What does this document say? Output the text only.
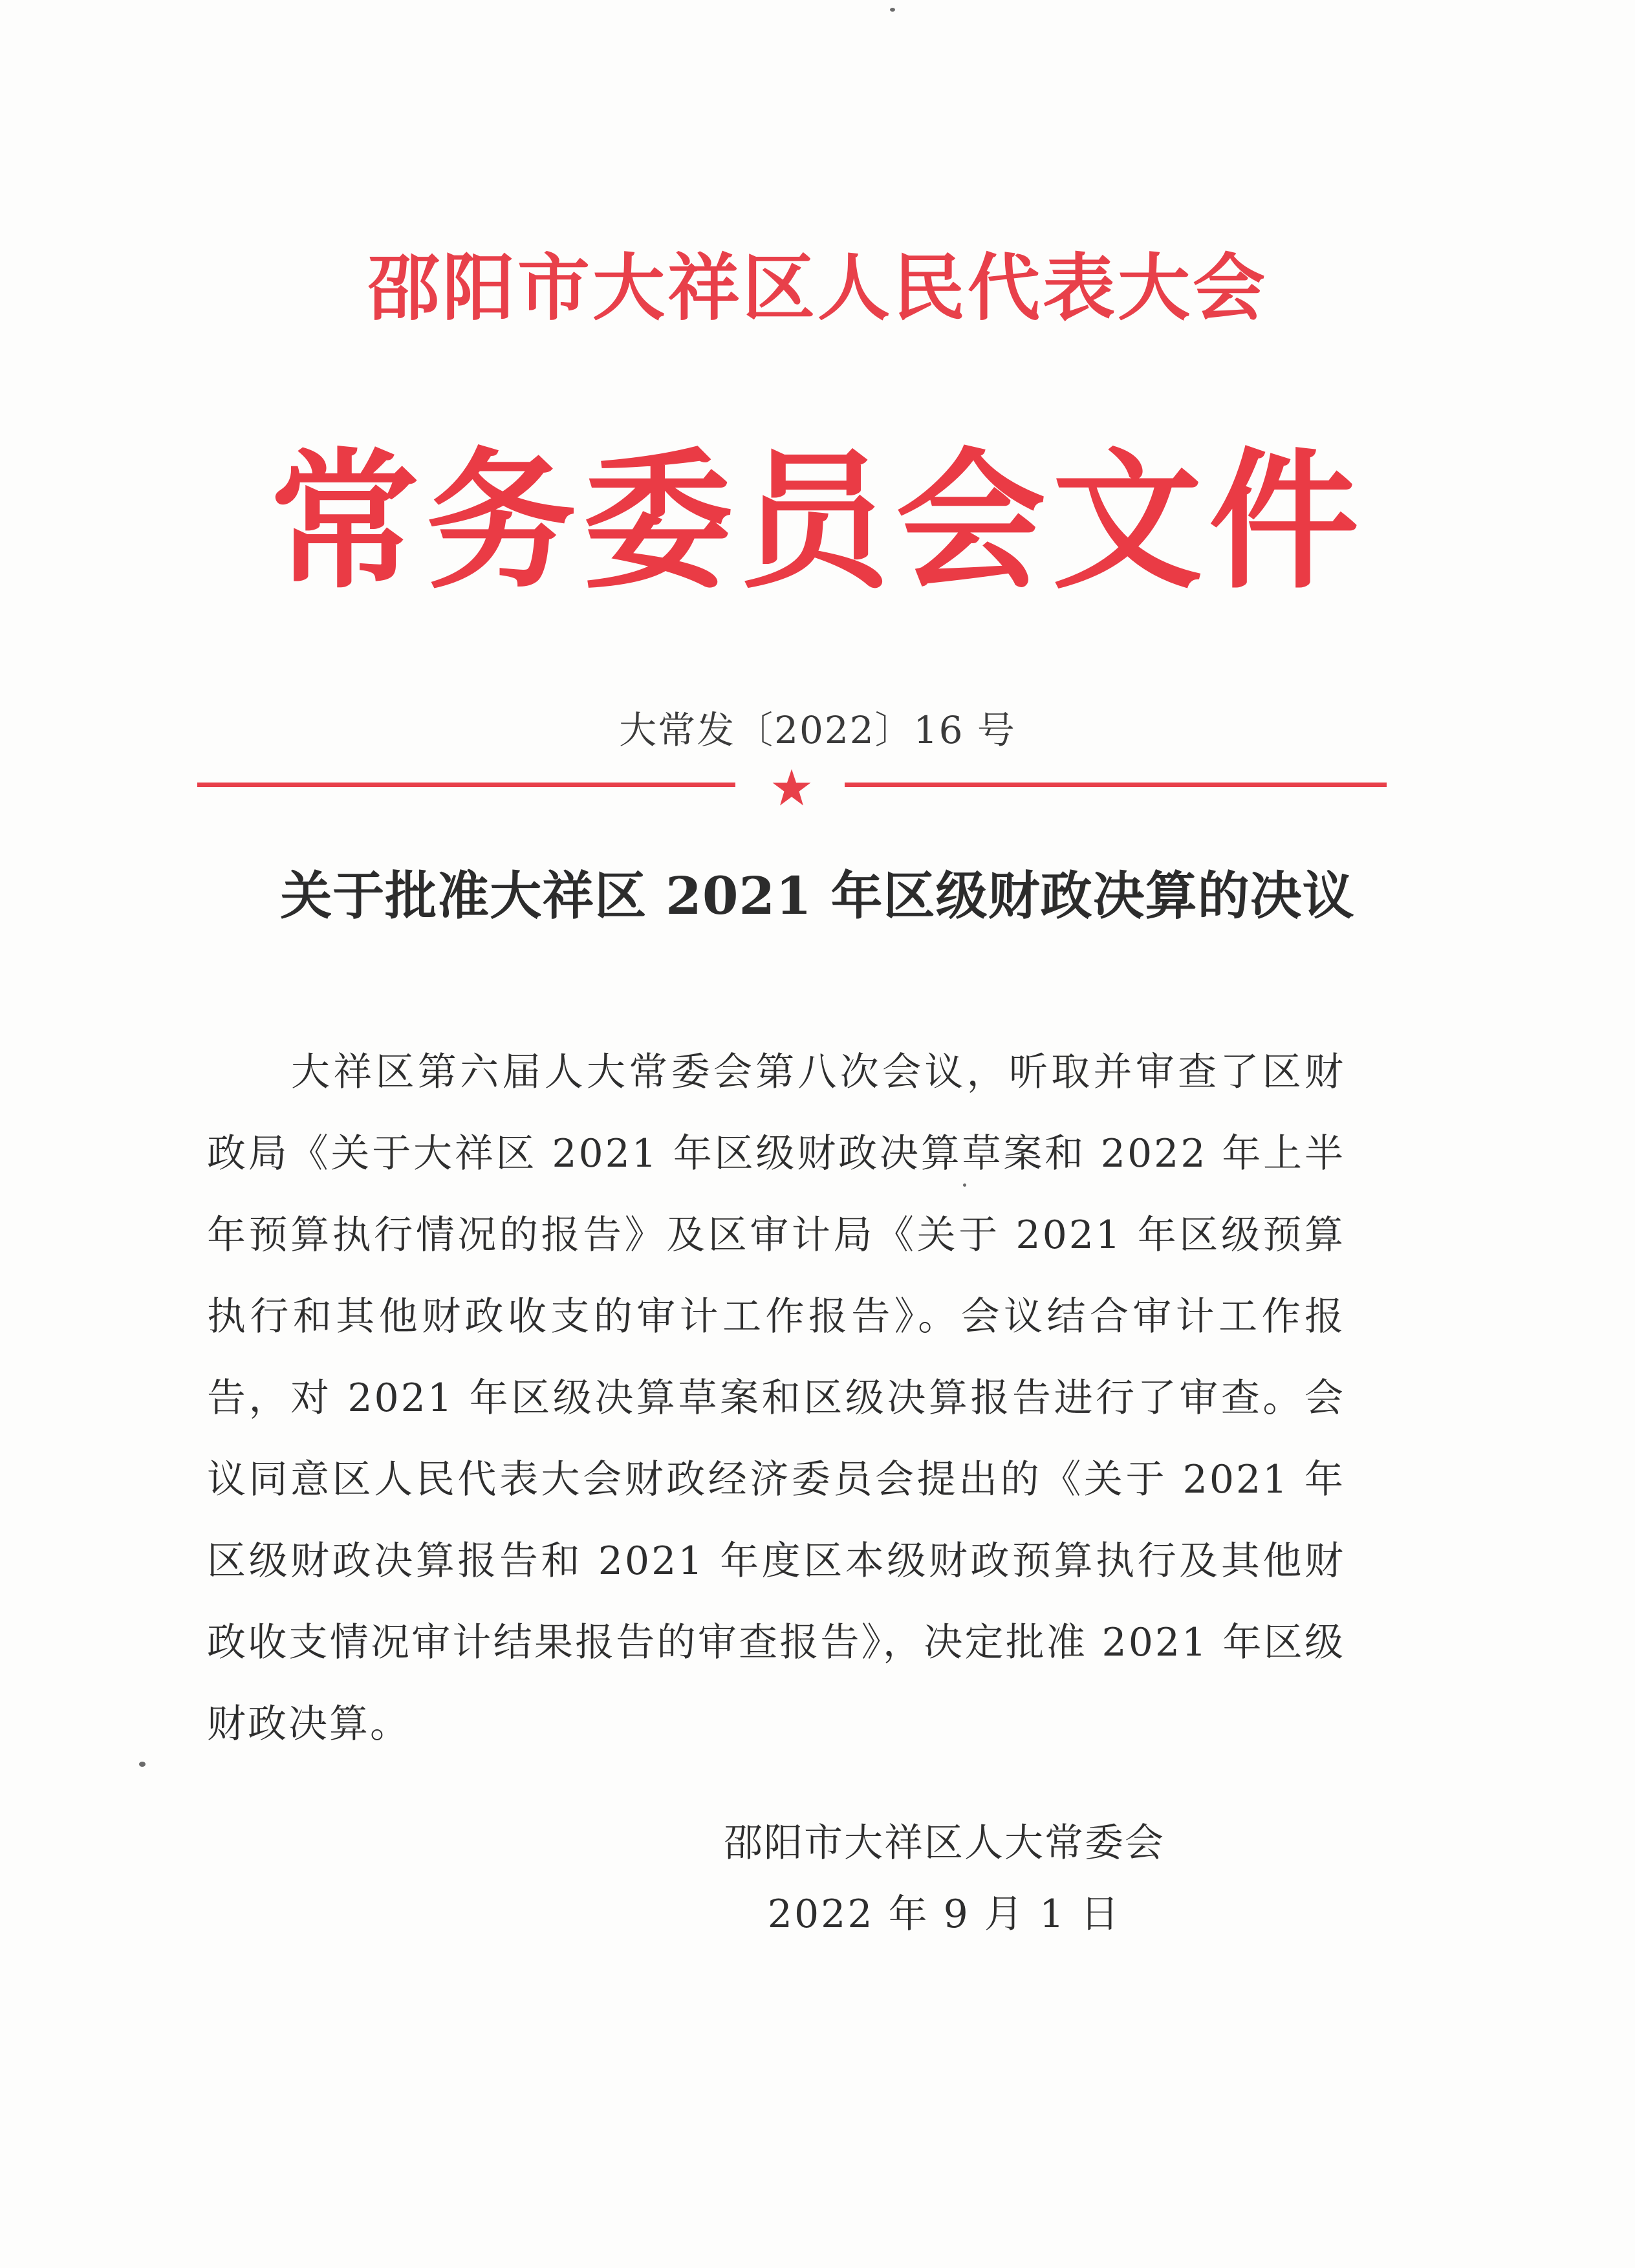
邵阳市大祥区人民代表大会
常务委员会文件
大常发〔2022〕16 号
关于批准大祥区 2021 年区级财政决算的决议
大祥区第六届人大常委会第八次会议，听取并审查了区财政局《关于大祥区 2021 年区级财政决算草案和 2022 年上半年预算执行情况的报告》及区审计局《关于 2021 年区级预算执行和其他财政收支的审计工作报告》。会议结合审计工作报告，对 2021 年区级决算草案和区级决算报告进行了审查。会议同意区人民代表大会财政经济委员会提出的《关于 2021 年区级财政决算报告和 2021 年度区本级财政预算执行及其他财政收支情况审计结果报告的审查报告》，决定批准 2021 年区级财政决算。
邵阳市大祥区人大常委会
2022 年 9 月 1 日
